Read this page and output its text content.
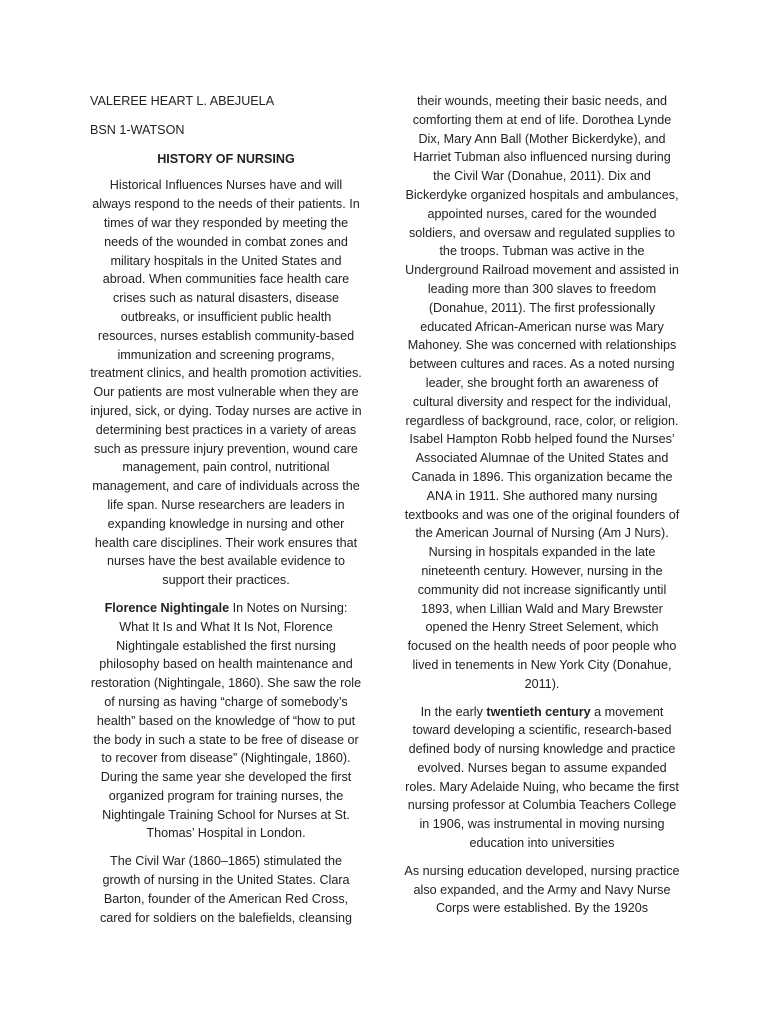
VALEREE HEART L. ABEJUELA
BSN 1-WATSON
HISTORY OF NURSING

Historical Influences Nurses have and will always respond to the needs of their patients. In times of war they responded by meeting the needs of the wounded in combat zones and military hospitals in the United States and abroad. When communities face health care crises such as natural disasters, disease outbreaks, or insufficient public health resources, nurses establish community-based immunization and screening programs, treatment clinics, and health promotion activities. Our patients are most vulnerable when they are injured, sick, or dying. Today nurses are active in determining best practices in a variety of areas such as pressure injury prevention, wound care management, pain control, nutritional management, and care of individuals across the life span. Nurse researchers are leaders in expanding knowledge in nursing and other health care disciplines. Their work ensures that nurses have the best available evidence to support their practices.

Florence Nightingale In Notes on Nursing: What It Is and What It Is Not, Florence Nightingale established the first nursing philosophy based on health maintenance and restoration (Nightingale, 1860). She saw the role of nursing as having “charge of somebody’s health” based on the knowledge of “how to put the body in such a state to be free of disease or to recover from disease” (Nightingale, 1860). During the same year she developed the first organized program for training nurses, the Nightingale Training School for Nurses at St. Thomas’ Hospital in London.

The Civil War (1860–1865) stimulated the growth of nursing in the United States. Clara Barton, founder of the American Red Cross, cared for soldiers on the balefields, cleansing

their wounds, meeting their basic needs, and comforting them at end of life. Dorothea Lynde Dix, Mary Ann Ball (Mother Bickerdyke), and Harriet Tubman also influenced nursing during the Civil War (Donahue, 2011). Dix and Bickerdyke organized hospitals and ambulances, appointed nurses, cared for the wounded soldiers, and oversaw and regulated supplies to the troops. Tubman was active in the Underground Railroad movement and assisted in leading more than 300 slaves to freedom (Donahue, 2011). The first professionally educated African-American nurse was Mary Mahoney. She was concerned with relationships between cultures and races. As a noted nursing leader, she brought forth an awareness of cultural diversity and respect for the individual, regardless of background, race, color, or religion. Isabel Hampton Robb helped found the Nurses’ Associated Alumnae of the United States and Canada in 1896. This organization became the ANA in 1911. She authored many nursing textbooks and was one of the original founders of the American Journal of Nursing (Am J Nurs). Nursing in hospitals expanded in the late nineteenth century. However, nursing in the community did not increase significantly until 1893, when Lillian Wald and Mary Brewster opened the Henry Street Selement, which focused on the health needs of poor people who lived in tenements in New York City (Donahue, 2011).

In the early twentieth century a movement toward developing a scientific, research-based defined body of nursing knowledge and practice evolved. Nurses began to assume expanded roles. Mary Adelaide Nuing, who became the first nursing professor at Columbia Teachers College in 1906, was instrumental in moving nursing education into universities

As nursing education developed, nursing practice also expanded, and the Army and Navy Nurse Corps were established. By the 1920s
